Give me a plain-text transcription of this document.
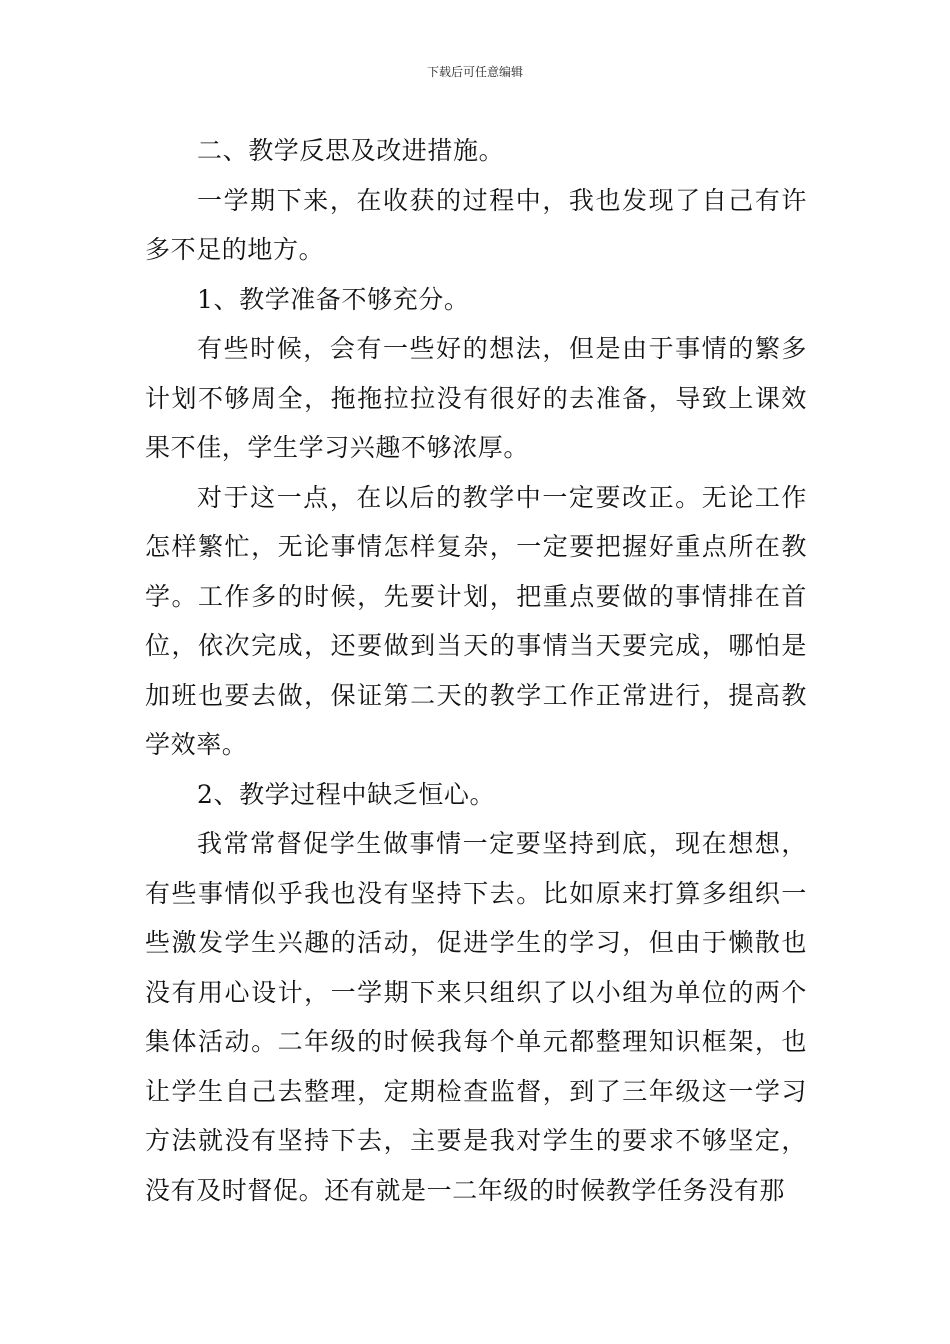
下载后可任意编辑

二、教学反思及改进措施。

一学期下来，在收获的过程中，我也发现了自己有许多不足的地方。

1、教学准备不够充分。

有些时候，会有一些好的想法，但是由于事情的繁多计划不够周全，拖拖拉拉没有很好的去准备，导致上课效果不佳，学生学习兴趣不够浓厚。

对于这一点，在以后的教学中一定要改正。无论工作怎样繁忙，无论事情怎样复杂，一定要把握好重点所在教学。工作多的时候，先要计划，把重点要做的事情排在首位，依次完成，还要做到当天的事情当天要完成，哪怕是加班也要去做，保证第二天的教学工作正常进行，提高教学效率。

2、教学过程中缺乏恒心。

我常常督促学生做事情一定要坚持到底，现在想想，有些事情似乎我也没有坚持下去。比如原来打算多组织一些激发学生兴趣的活动，促进学生的学习，但由于懒散也没有用心设计，一学期下来只组织了以小组为单位的两个集体活动。二年级的时候我每个单元都整理知识框架，也让学生自己去整理，定期检查监督，到了三年级这一学习方法就没有坚持下去，主要是我对学生的要求不够坚定，没有及时督促。还有就是一二年级的时候教学任务没有那
